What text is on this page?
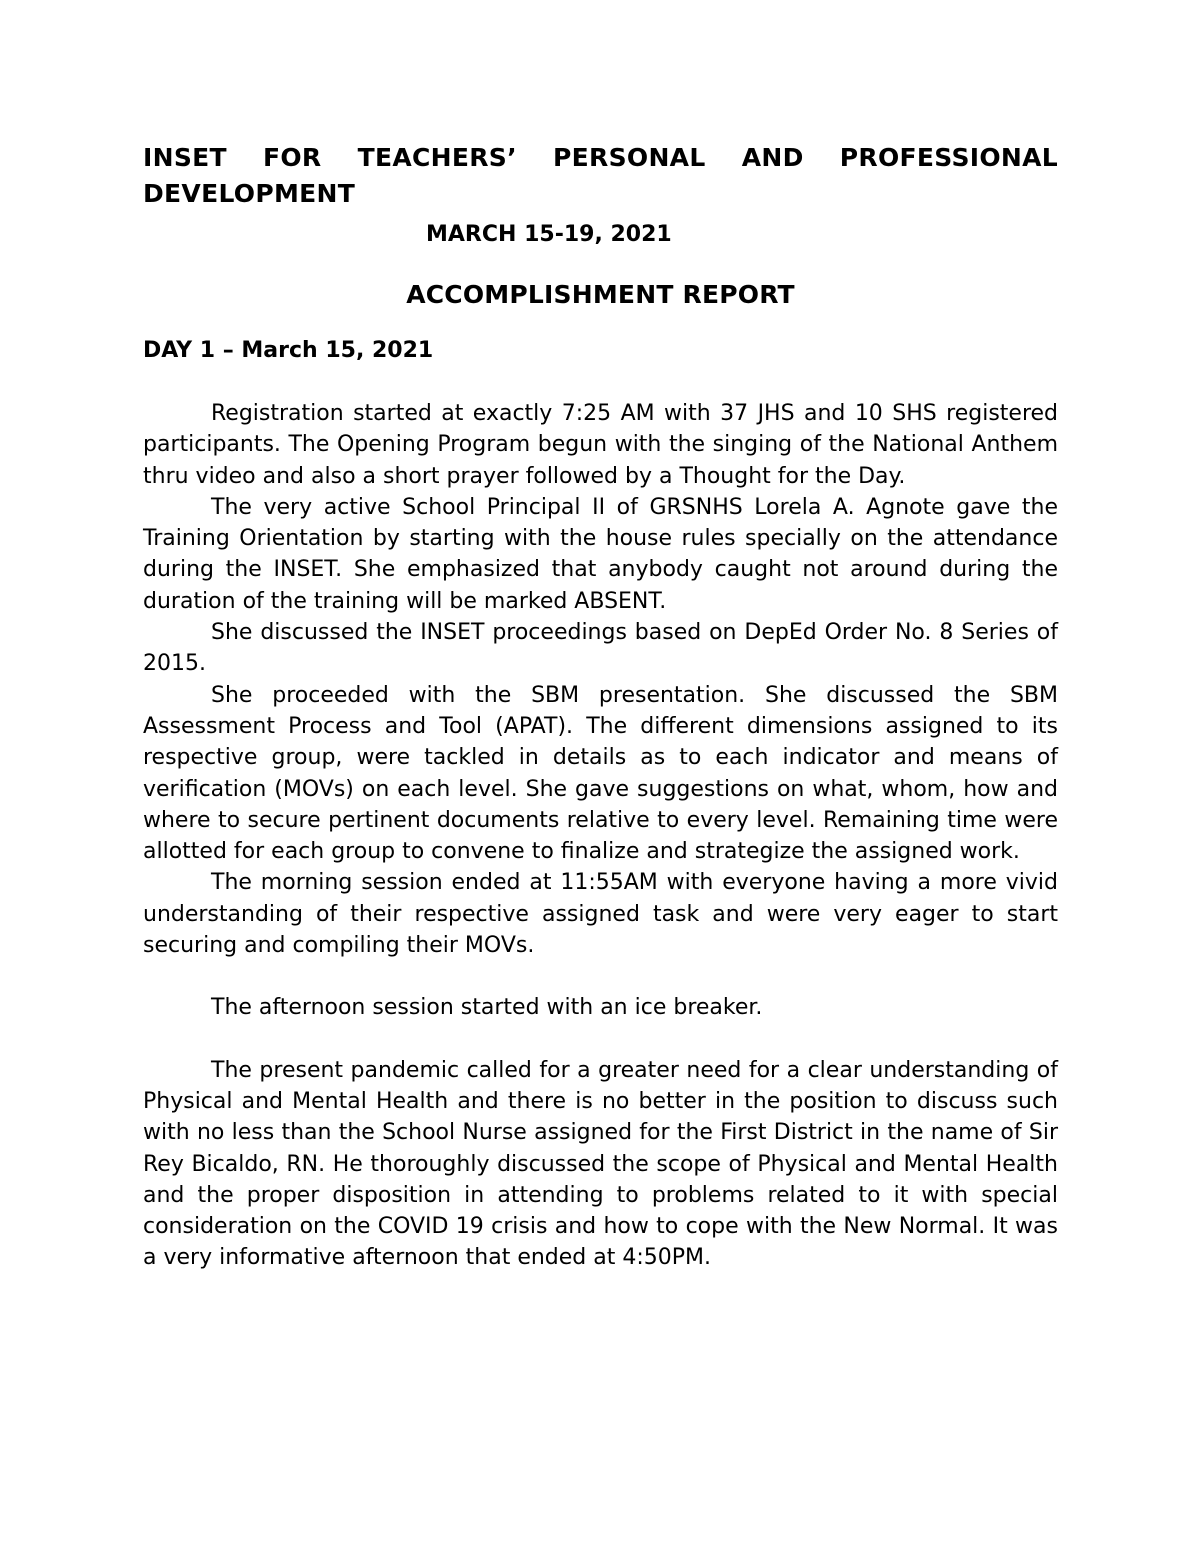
INSET FOR TEACHERS’ PERSONAL AND PROFESSIONAL DEVELOPMENT
MARCH 15-19, 2021
ACCOMPLISHMENT REPORT
DAY 1 – March 15, 2021

Registration started at exactly 7:25 AM with 37 JHS and 10 SHS registered participants. The Opening Program begun with the singing of the National Anthem thru video and also a short prayer followed by a Thought for the Day.

The very active School Principal II of GRSNHS Lorela A. Agnote gave the Training Orientation by starting with the house rules specially on the attendance during the INSET. She emphasized that anybody caught not around during the duration of the training will be marked ABSENT.

She discussed the INSET proceedings based on DepEd Order No. 8 Series of 2015.

She proceeded with the SBM presentation. She discussed the SBM Assessment Process and Tool (APAT). The different dimensions assigned to its respective group, were tackled in details as to each indicator and means of verification (MOVs) on each level. She gave suggestions on what, whom, how and where to secure pertinent documents relative to every level. Remaining time were allotted for each group to convene to finalize and strategize the assigned work.

The morning session ended at 11:55AM with everyone having a more vivid understanding of their respective assigned task and were very eager to start securing and compiling their MOVs.

The afternoon session started with an ice breaker.

The present pandemic called for a greater need for a clear understanding of Physical and Mental Health and there is no better in the position to discuss such with no less than the School Nurse assigned for the First District in the name of Sir Rey Bicaldo, RN. He thoroughly discussed the scope of Physical and Mental Health and the proper disposition in attending to problems related to it with special consideration on the COVID 19 crisis and how to cope with the New Normal. It was a very informative afternoon that ended at 4:50PM.
